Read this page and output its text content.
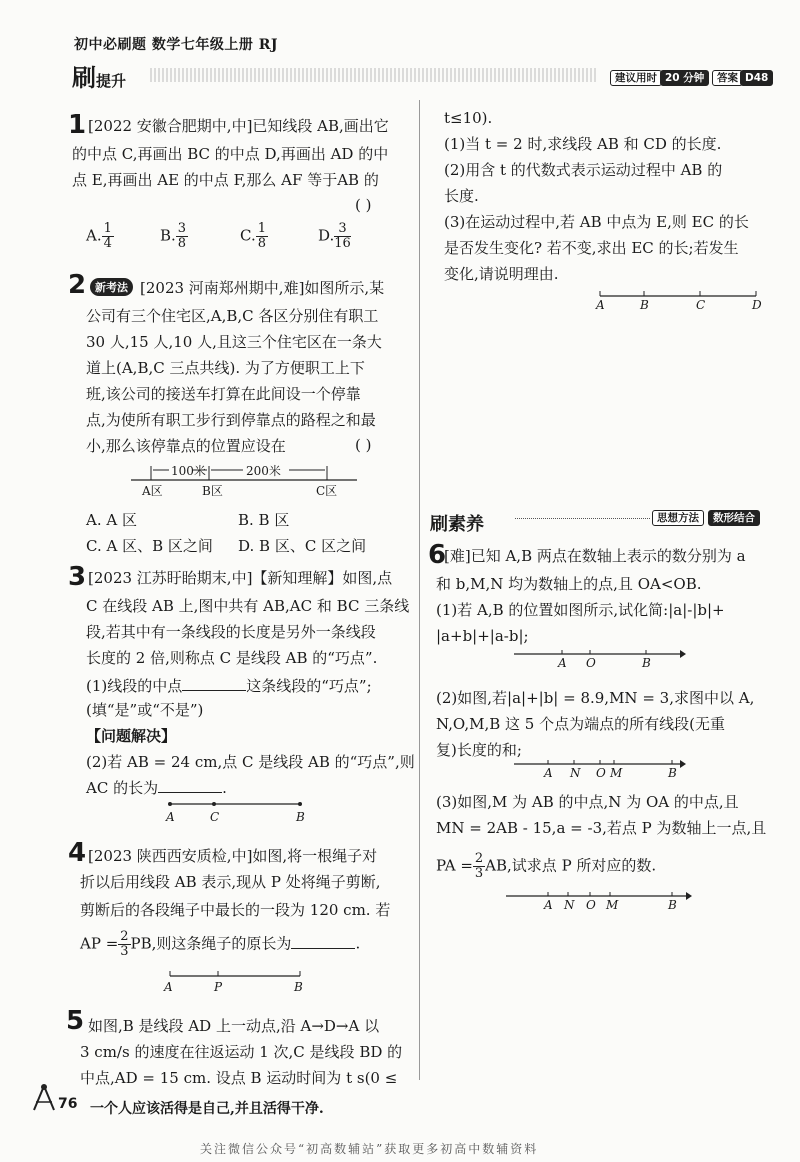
初中必刷题 数学七年级上册 RJ
刷提升	建议用时 20 分钟	答案 D48
1 [2022 安徽合肥期中,中]已知线段 AB,画出它

的中点 C,再画出 BC 的中点 D,再画出 AD 的中

点 E,再画出 AE 的中点 F,那么 AF 等于AB 的

( )
A. $\frac{1}{4}$	B. $\frac{3}{8}$	C. $\frac{1}{8}$	D. $\frac{3}{16}$
2 新考法 [2023 河南郑州期中,难]如图所示,某

公司有三个住宅区,A,B,C 各区分别住有职工

30 人,15 人,10 人,且这三个住宅区在一条大

道上(A,B,C 三点共线). 为了方便职工上下

班,该公司的接送车打算在此间设一个停靠

点,为使所有职工步行到停靠点的路程之和最

小,那么该停靠点的位置应设在	( )
100米	200米
A区	B区	C区

A. A 区	B. B 区

C. A 区、B 区之间 D. B 区、C 区之间

3 [2023 江苏盱眙期末,中]【新知理解】如图,点

C 在线段 AB 上,图中共有 AB,AC 和 BC 三条线

段,若其中有一条线段的长度是另外一条线段

长度的 2 倍,则称点 C 是线段 AB 的“巧点”.

(1)线段的中点	这条线段的“巧点”;

(填“是”或“不是”)

【问题解决】

(2)若 AB = 24 cm,点 C 是线段 AB 的“巧点”,则

AC 的长为	.

A	C	B
4 [2023 陕西西安质检,中]如图,将一根绳子对

折以后用线段 AB 表示,现从 P 处将绳子剪断,

剪断后的各段绳子中最长的一段为 120 cm. 若

AP = $\frac{2}{3}$ PB,则这条绳子的原长为	.

A	P	B
5 如图,B 是线段 AD 上一动点,沿 A→D→A 以

3 cm/s 的速度在往返运动 1 次,C 是线段 BD 的

中点,AD = 15 cm. 设点 B 运动时间为 t s(0 ≤

t≤10).

(1)当 t = 2 时,求线段 AB 和 CD 的长度.

(2)用含 t 的代数式表示运动过程中 AB 的

长度.

(3)在运动过程中,若 AB 中点为 E,则 EC 的长

是否发生变化? 若不变,求出 EC 的长;若发生

变化,请说明理由.

A	B	C	D
刷素养	思想方法	数形结合
6

[难]已知 A,B 两点在数轴上表示的数分别为 a

和 b,M,N 均为数轴上的点,且 OA<OB.

(1)若 A,B 的位置如图所示,试化简:|a|-|b|+

|a+b|+|a-b|;

A O	B

(2)如图,若|a|+|b| = 8.9,MN = 3,求图中以 A,

N,O,M,B 这 5 个点为端点的所有线段(无重

复)长度的和;

A N O M	B

(3)如图,M 为 AB 的中点,N 为 OA 的中点,且

MN = 2AB - 15,a = -3,若点 P 为数轴上一点,且

PA = $\frac{2}{3}$ AB,试求点 P 所对应的数.

A N O M	B
76 一个人应该活得是自己,并且活得干净.
关注微信公众号“初高数辅站”获取更多初高中数辅资料
